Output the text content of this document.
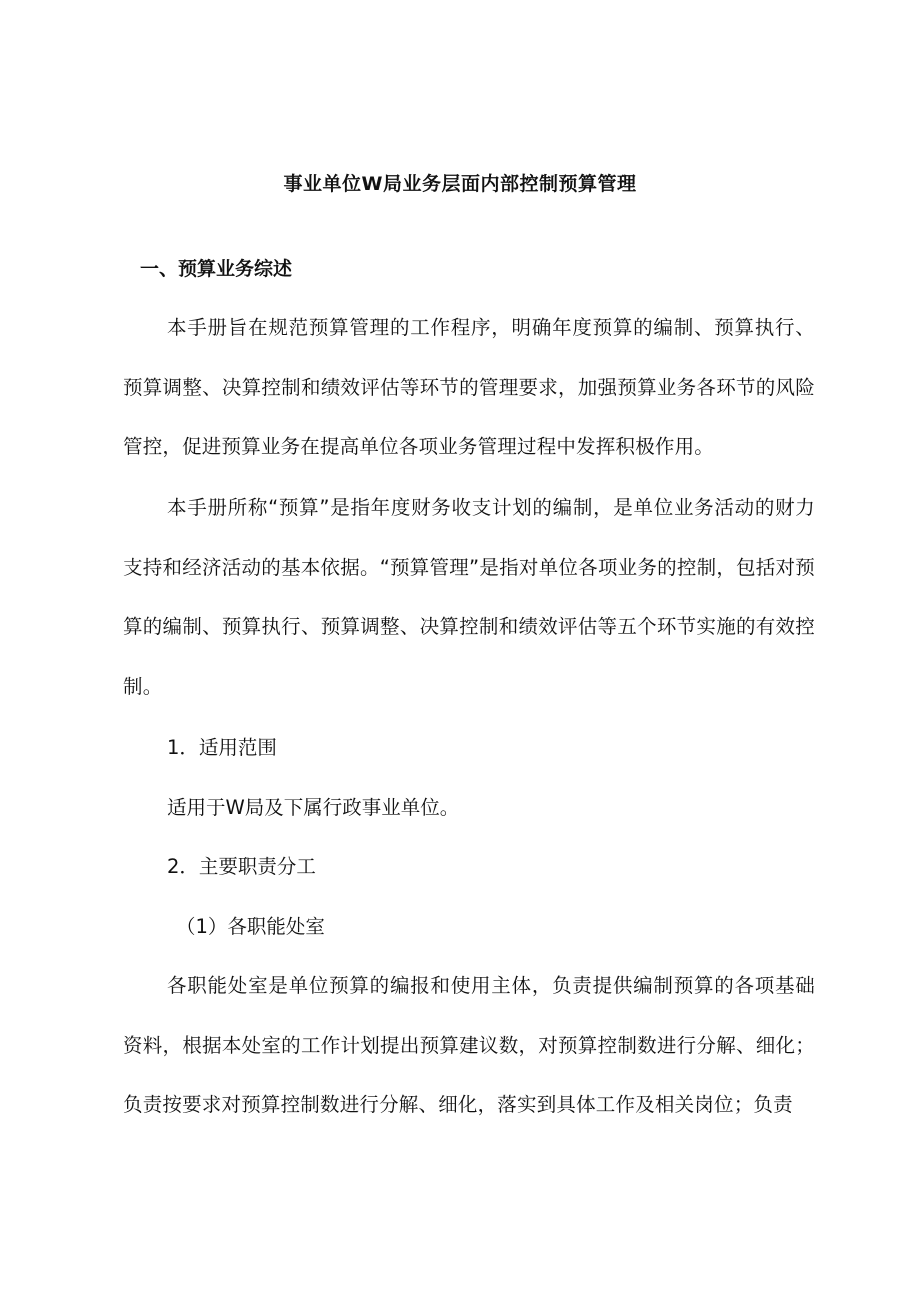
事业单位W局业务层面内部控制预算管理
一、预算业务综述
本手册旨在规范预算管理的工作程序，明确年度预算的编制、预算执行、预算调整、决算控制和绩效评估等环节的管理要求，加强预算业务各环节的风险管控，促进预算业务在提高单位各项业务管理过程中发挥积极作用。
本手册所称“预算”是指年度财务收支计划的编制，是单位业务活动的财力支持和经济活动的基本依据。“预算管理”是指对单位各项业务的控制，包括对预算的编制、预算执行、预算调整、决算控制和绩效评估等五个环节实施的有效控制。
1．适用范围
适用于W局及下属行政事业单位。
2．主要职责分工
（1）各职能处室
各职能处室是单位预算的编报和使用主体，负责提供编制预算的各项基础资料，根据本处室的工作计划提出预算建议数，对预算控制数进行分解、细化；负责按要求对预算控制数进行分解、细化，落实到具体工作及相关岗位；负责
